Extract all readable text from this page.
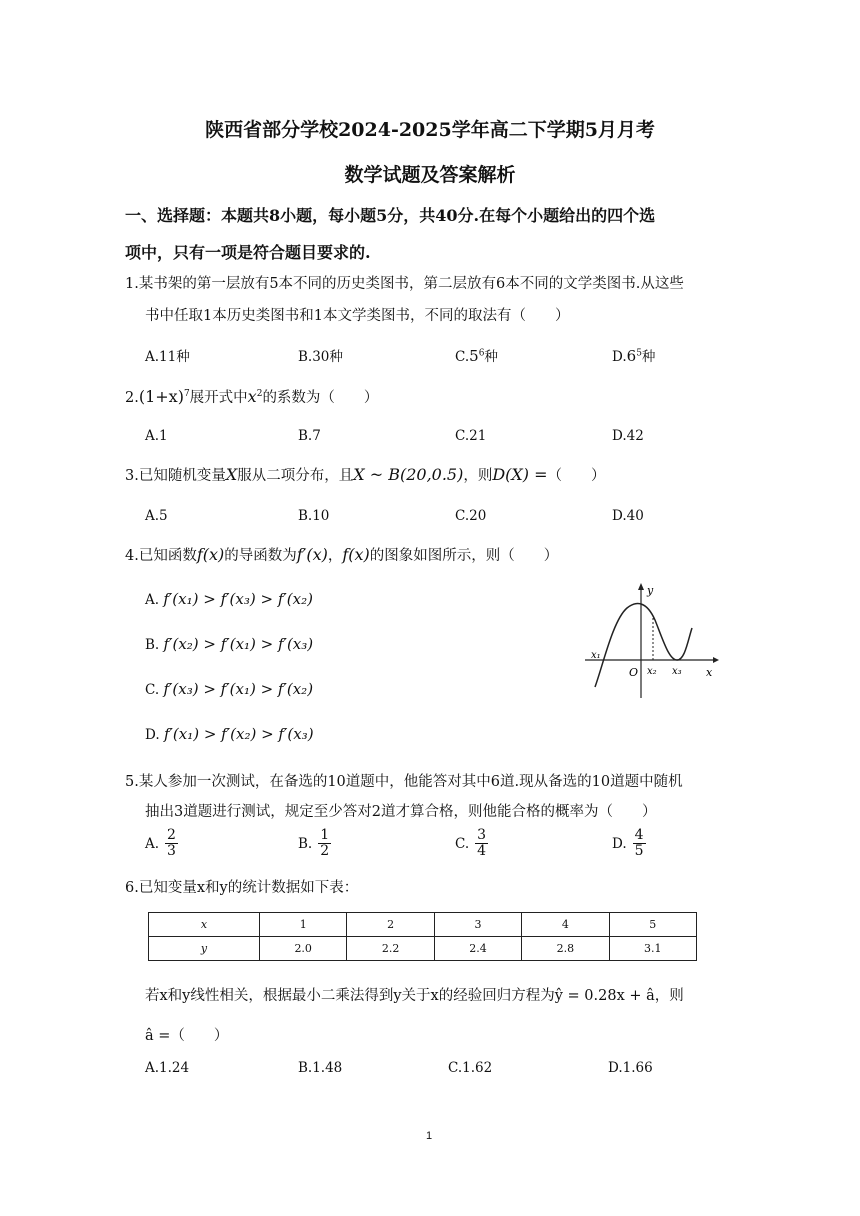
陕西省部分学校2024-2025学年高二下学期5月月考
数学试题及答案解析
一、选择题：本题共8小题，每小题5分，共40分.在每个小题给出的四个选
项中，只有一项是符合题目要求的.
1.某书架的第一层放有5本不同的历史类图书，第二层放有6本不同的文学类图书.从这些
书中任取1本历史类图书和1本文学类图书，不同的取法有（　　）
A.11种	B.30种	$C.5^6$种	$D.6^5$种
$2.(1+x)^7$展开式中$x^2$的系数为（　　）
A.1	B.7	C.21	D.42
3.已知随机变量X服从二项分布，且X ~ B(20,0.5)，则D(X) =（　　）
A.5	B.10	C.20	D.40
4.已知函数f(x)的导函数为f′(x)，f(x)的图象如图所示，则（　　）
A. f′(x₁) > f′(x₃) > f′(x₂)
B. f′(x₂) > f′(x₁) > f′(x₃)
C. f′(x₃) > f′(x₁) > f′(x₂)
D. f′(x₁) > f′(x₂) > f′(x₃)
y
x
O
x₁
x₂ x₃
5.某人参加一次测试，在备选的10道题中，他能答对其中6道.现从备选的10道题中随机
抽出3道题进行测试，规定至少答对2道才算合格，则他能合格的概率为（　　）
A. $\frac{2}{3}$	B. $\frac{1}{2}$	C. $\frac{3}{4}$	D. $\frac{4}{5}$
6.已知变量x和y的统计数据如下表：
x	1	2	3	4	5
y	2.0	2.2	2.4	2.8	3.1
若x和y线性相关，根据最小二乘法得到y关于x的经验回归方程为ŷ = 0.28x + â，则
â =（　　）
A.1.24	B.1.48	C.1.62	D.1.66
1
